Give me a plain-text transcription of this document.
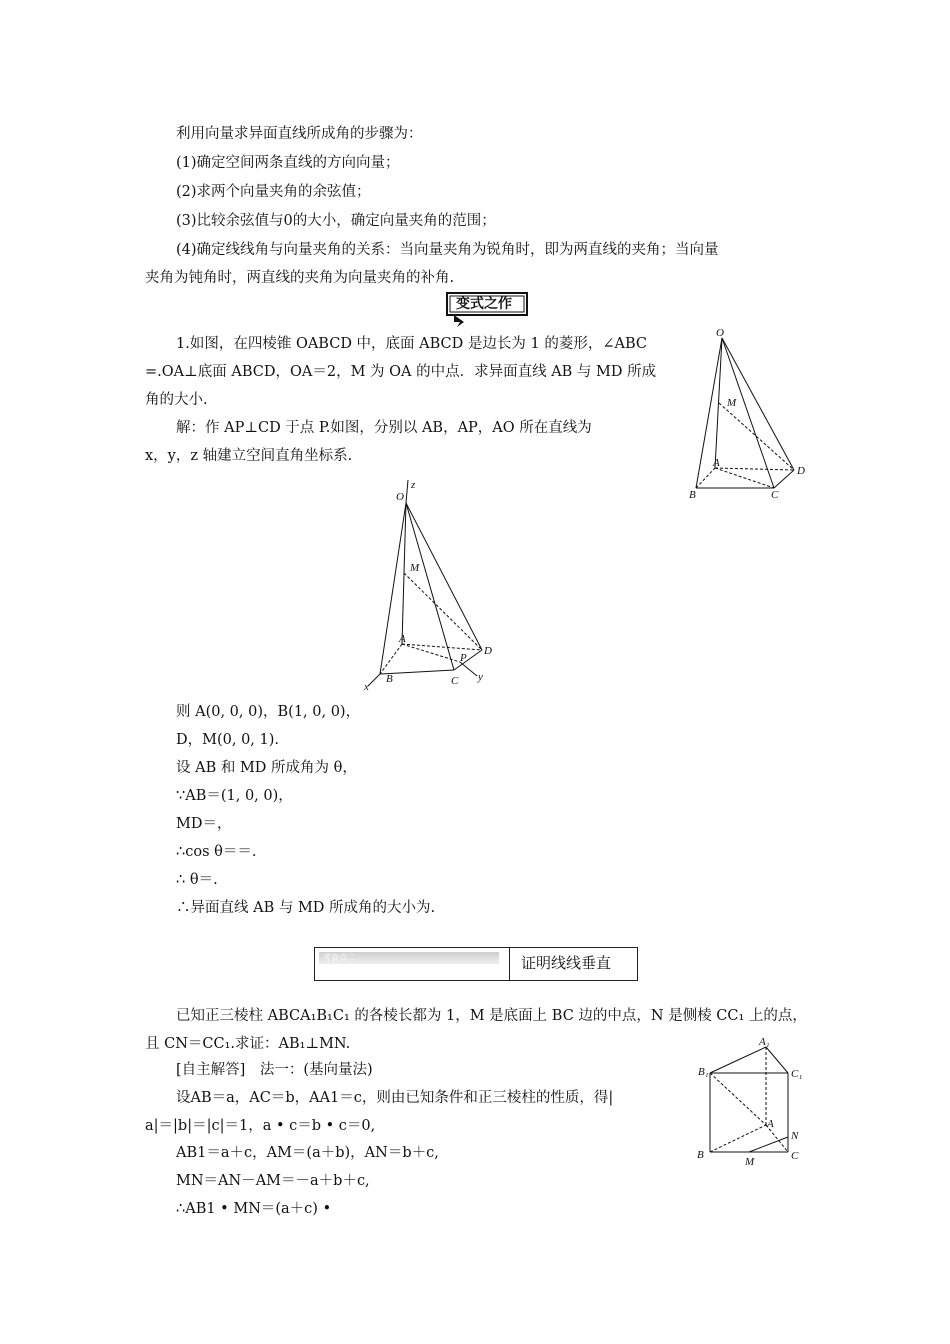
利用向量求异面直线所成角的步骤为：
(1)确定空间两条直线的方向向量；
(2)求两个向量夹角的余弦值；
(3)比较余弦值与0的大小，确定向量夹角的范围；
(4)确定线线角与向量夹角的关系：当向量夹角为锐角时，即为两直线的夹角；当向量
夹角为钝角时，两直线的夹角为向量夹角的补角.
变式之作
1.如图，在四棱锥 OABCD 中，底面 ABCD 是边长为 1 的菱形，∠ABC
=.OA⊥底面 ABCD，OA＝2，M 为 OA 的中点．求异面直线 AB 与 MD 所成
角的大小.
解：作 AP⊥CD 于点 P.如图，分别以 AB，AP，AO 所在直线为
x，y，z 轴建立空间直角坐标系.
O
M
A
B	C
D
z
x
y
O
M
A
B	C
D
P
则 A(0, 0, 0)，B(1, 0, 0)，
D，M(0, 0, 1).
设 AB 和 MD 所成角为 θ，
∵AB＝(1, 0, 0)，
MD＝，
∴cos θ＝＝.
∴ θ＝.
∴异面直线 AB 与 MD 所成角的大小为.
考查点二	证明线线垂直
已知正三棱柱 ABCA₁B₁C₁ 的各棱长都为 1，M 是底面上 BC 边的中点，N 是侧棱 CC₁ 上的点，
且 CN＝CC₁.求证：AB₁⊥MN.
[自主解答]　法一：(基向量法)
设AB＝a，AC＝b，AA1＝c，则由已知条件和正三棱柱的性质，得|
a|＝|b|＝|c|＝1，a • c＝b • c＝0,
AB1＝a＋c，AM＝(a＋b)，AN＝b＋c,
MN＝AN－AM＝－a＋b＋c,
∴AB1 • MN＝(a＋c) •
A₁
B₁	C₁
A
B	C
M
N
